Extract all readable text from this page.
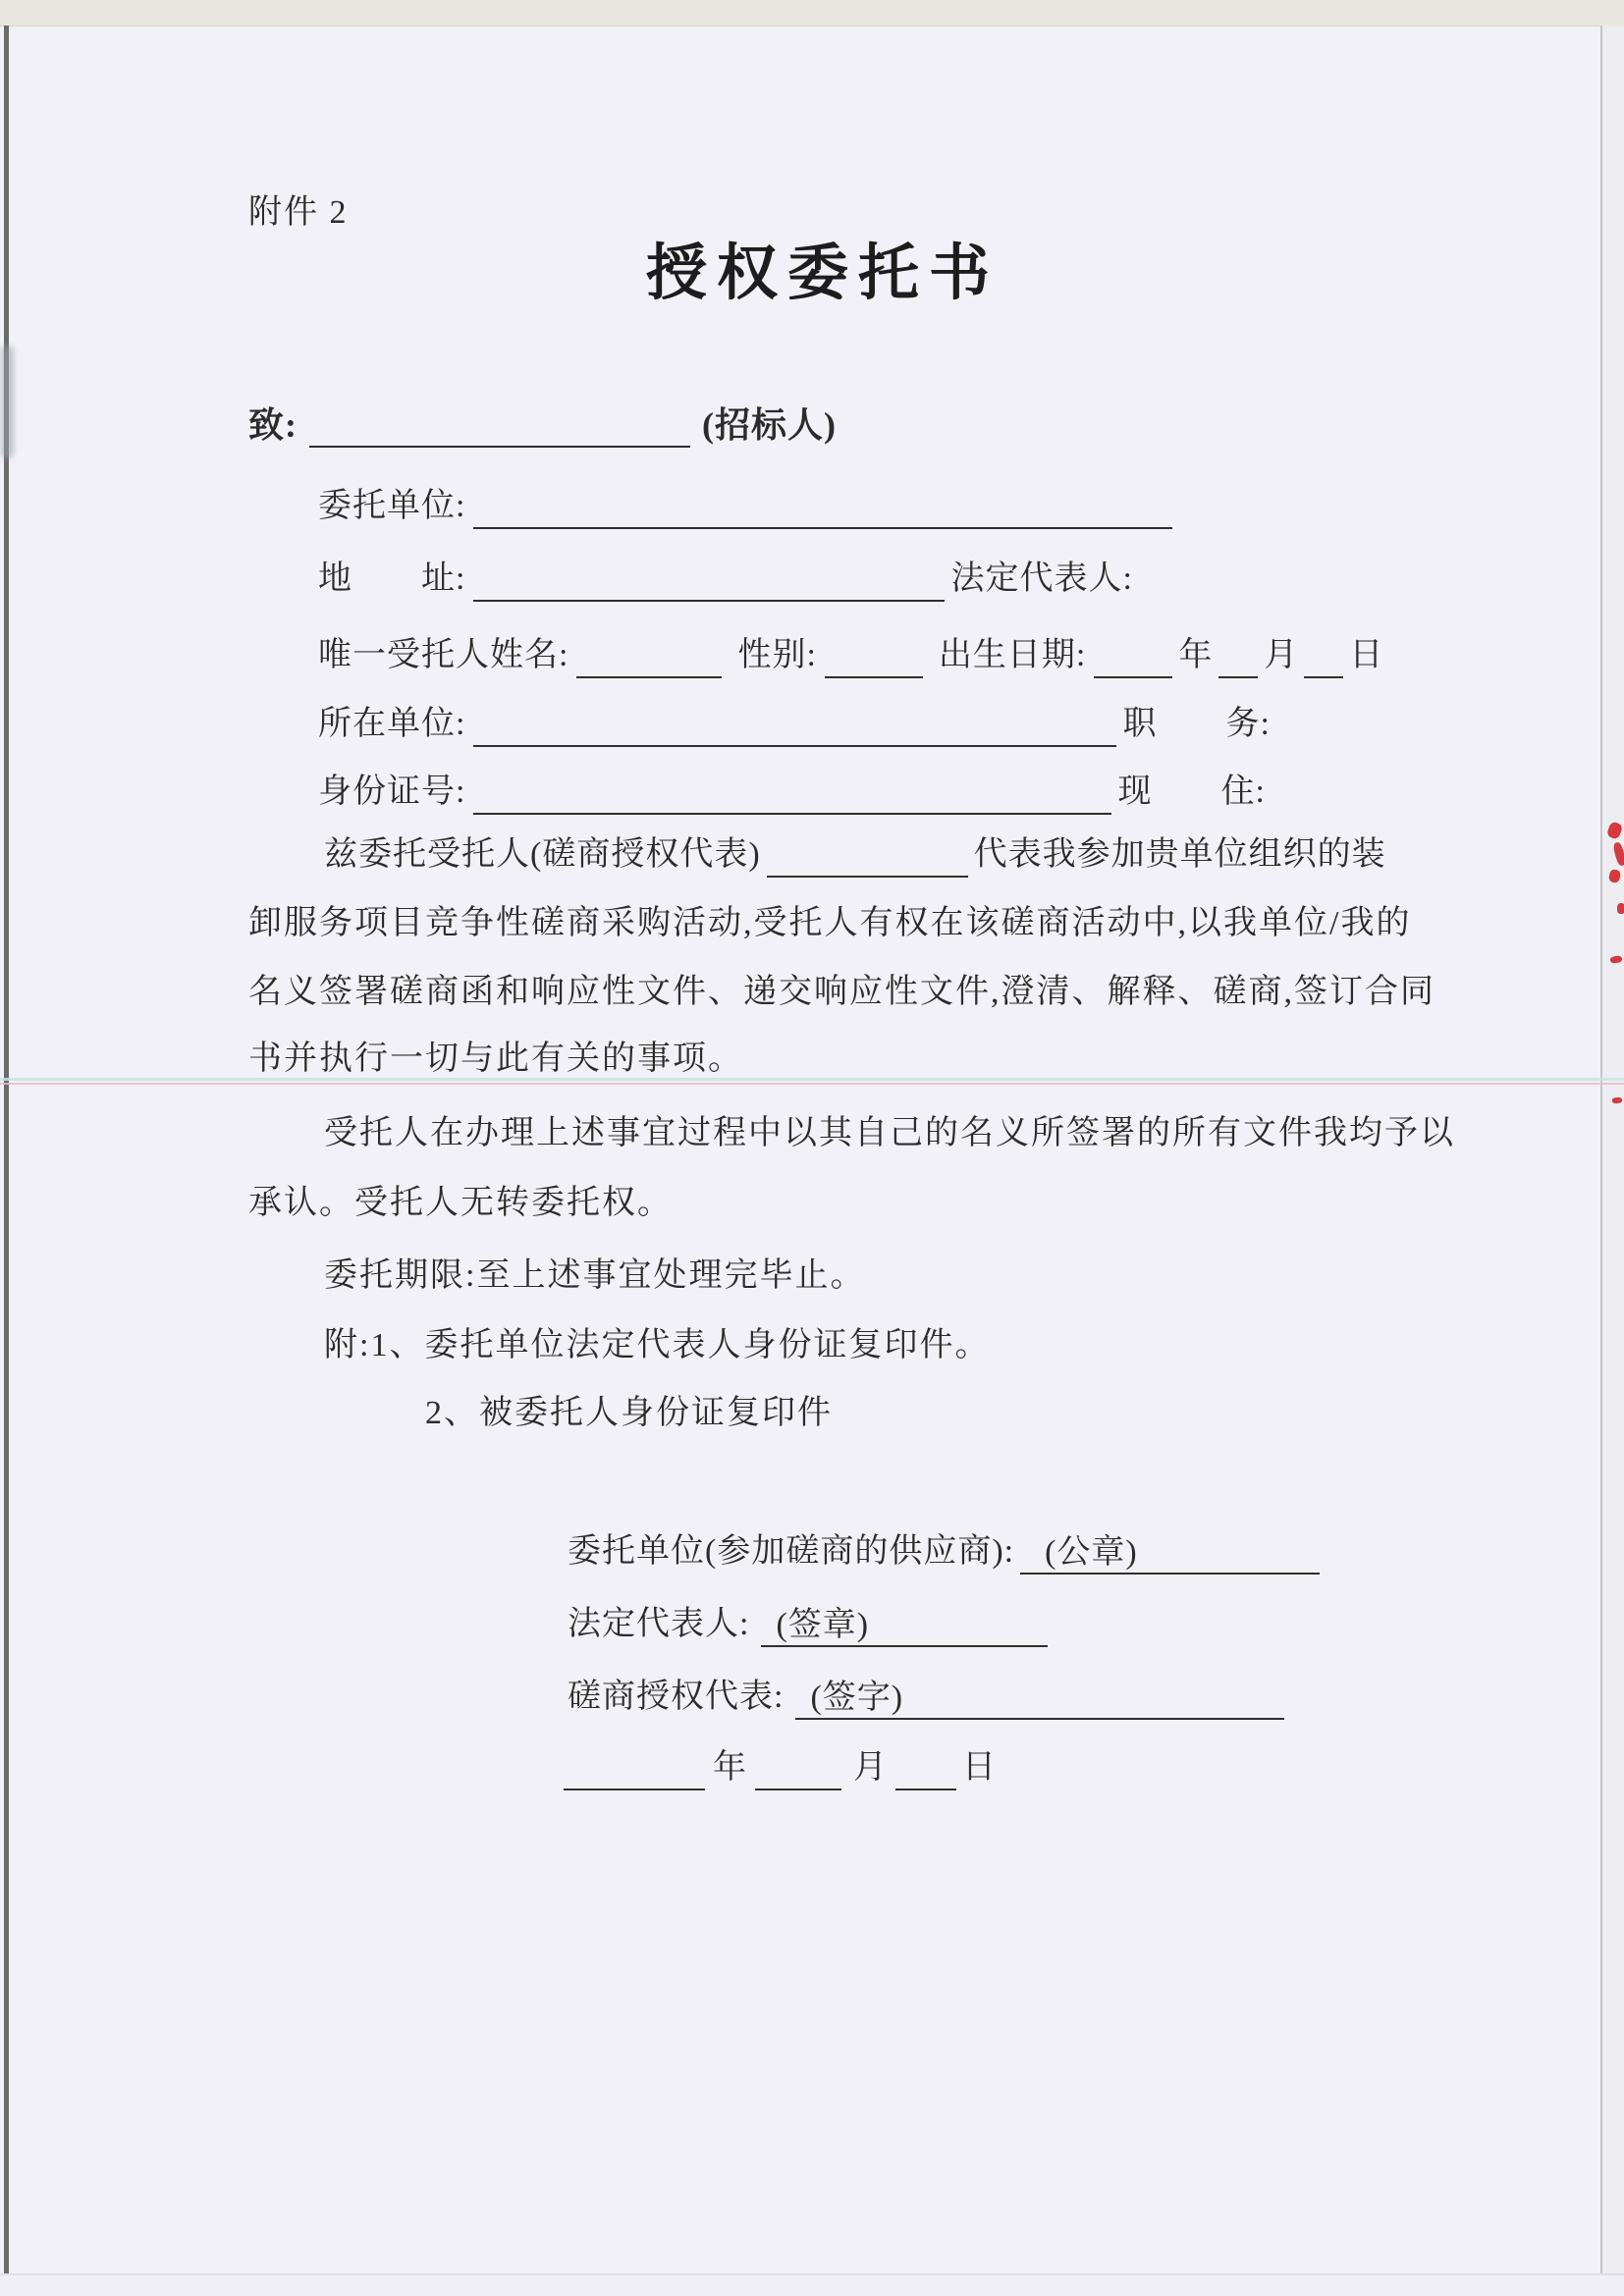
附件 2
授权委托书
致:	(招标人)
委托单位:
地　　址:	法定代表人:
唯一受托人姓名:	性别:	出生日期:	年 月 日
所在单位:	职　　务:
身份证号:	现　　住:
兹委托受托人(磋商授权代表)	代表我参加贵单位组织的装
卸服务项目竞争性磋商采购活动,受托人有权在该磋商活动中,以我单位/我的
名义签署磋商函和响应性文件、递交响应性文件,澄清、解释、磋商,签订合同
书并执行一切与此有关的事项。
受托人在办理上述事宜过程中以其自己的名义所签署的所有文件我均予以
承认。受托人无转委托权。
委托期限:至上述事宜处理完毕止。
附:1、委托单位法定代表人身份证复印件。
2、被委托人身份证复印件
委托单位(参加磋商的供应商): (公章)
法定代表人: (签章)
磋商授权代表: (签字)
年	月 日
